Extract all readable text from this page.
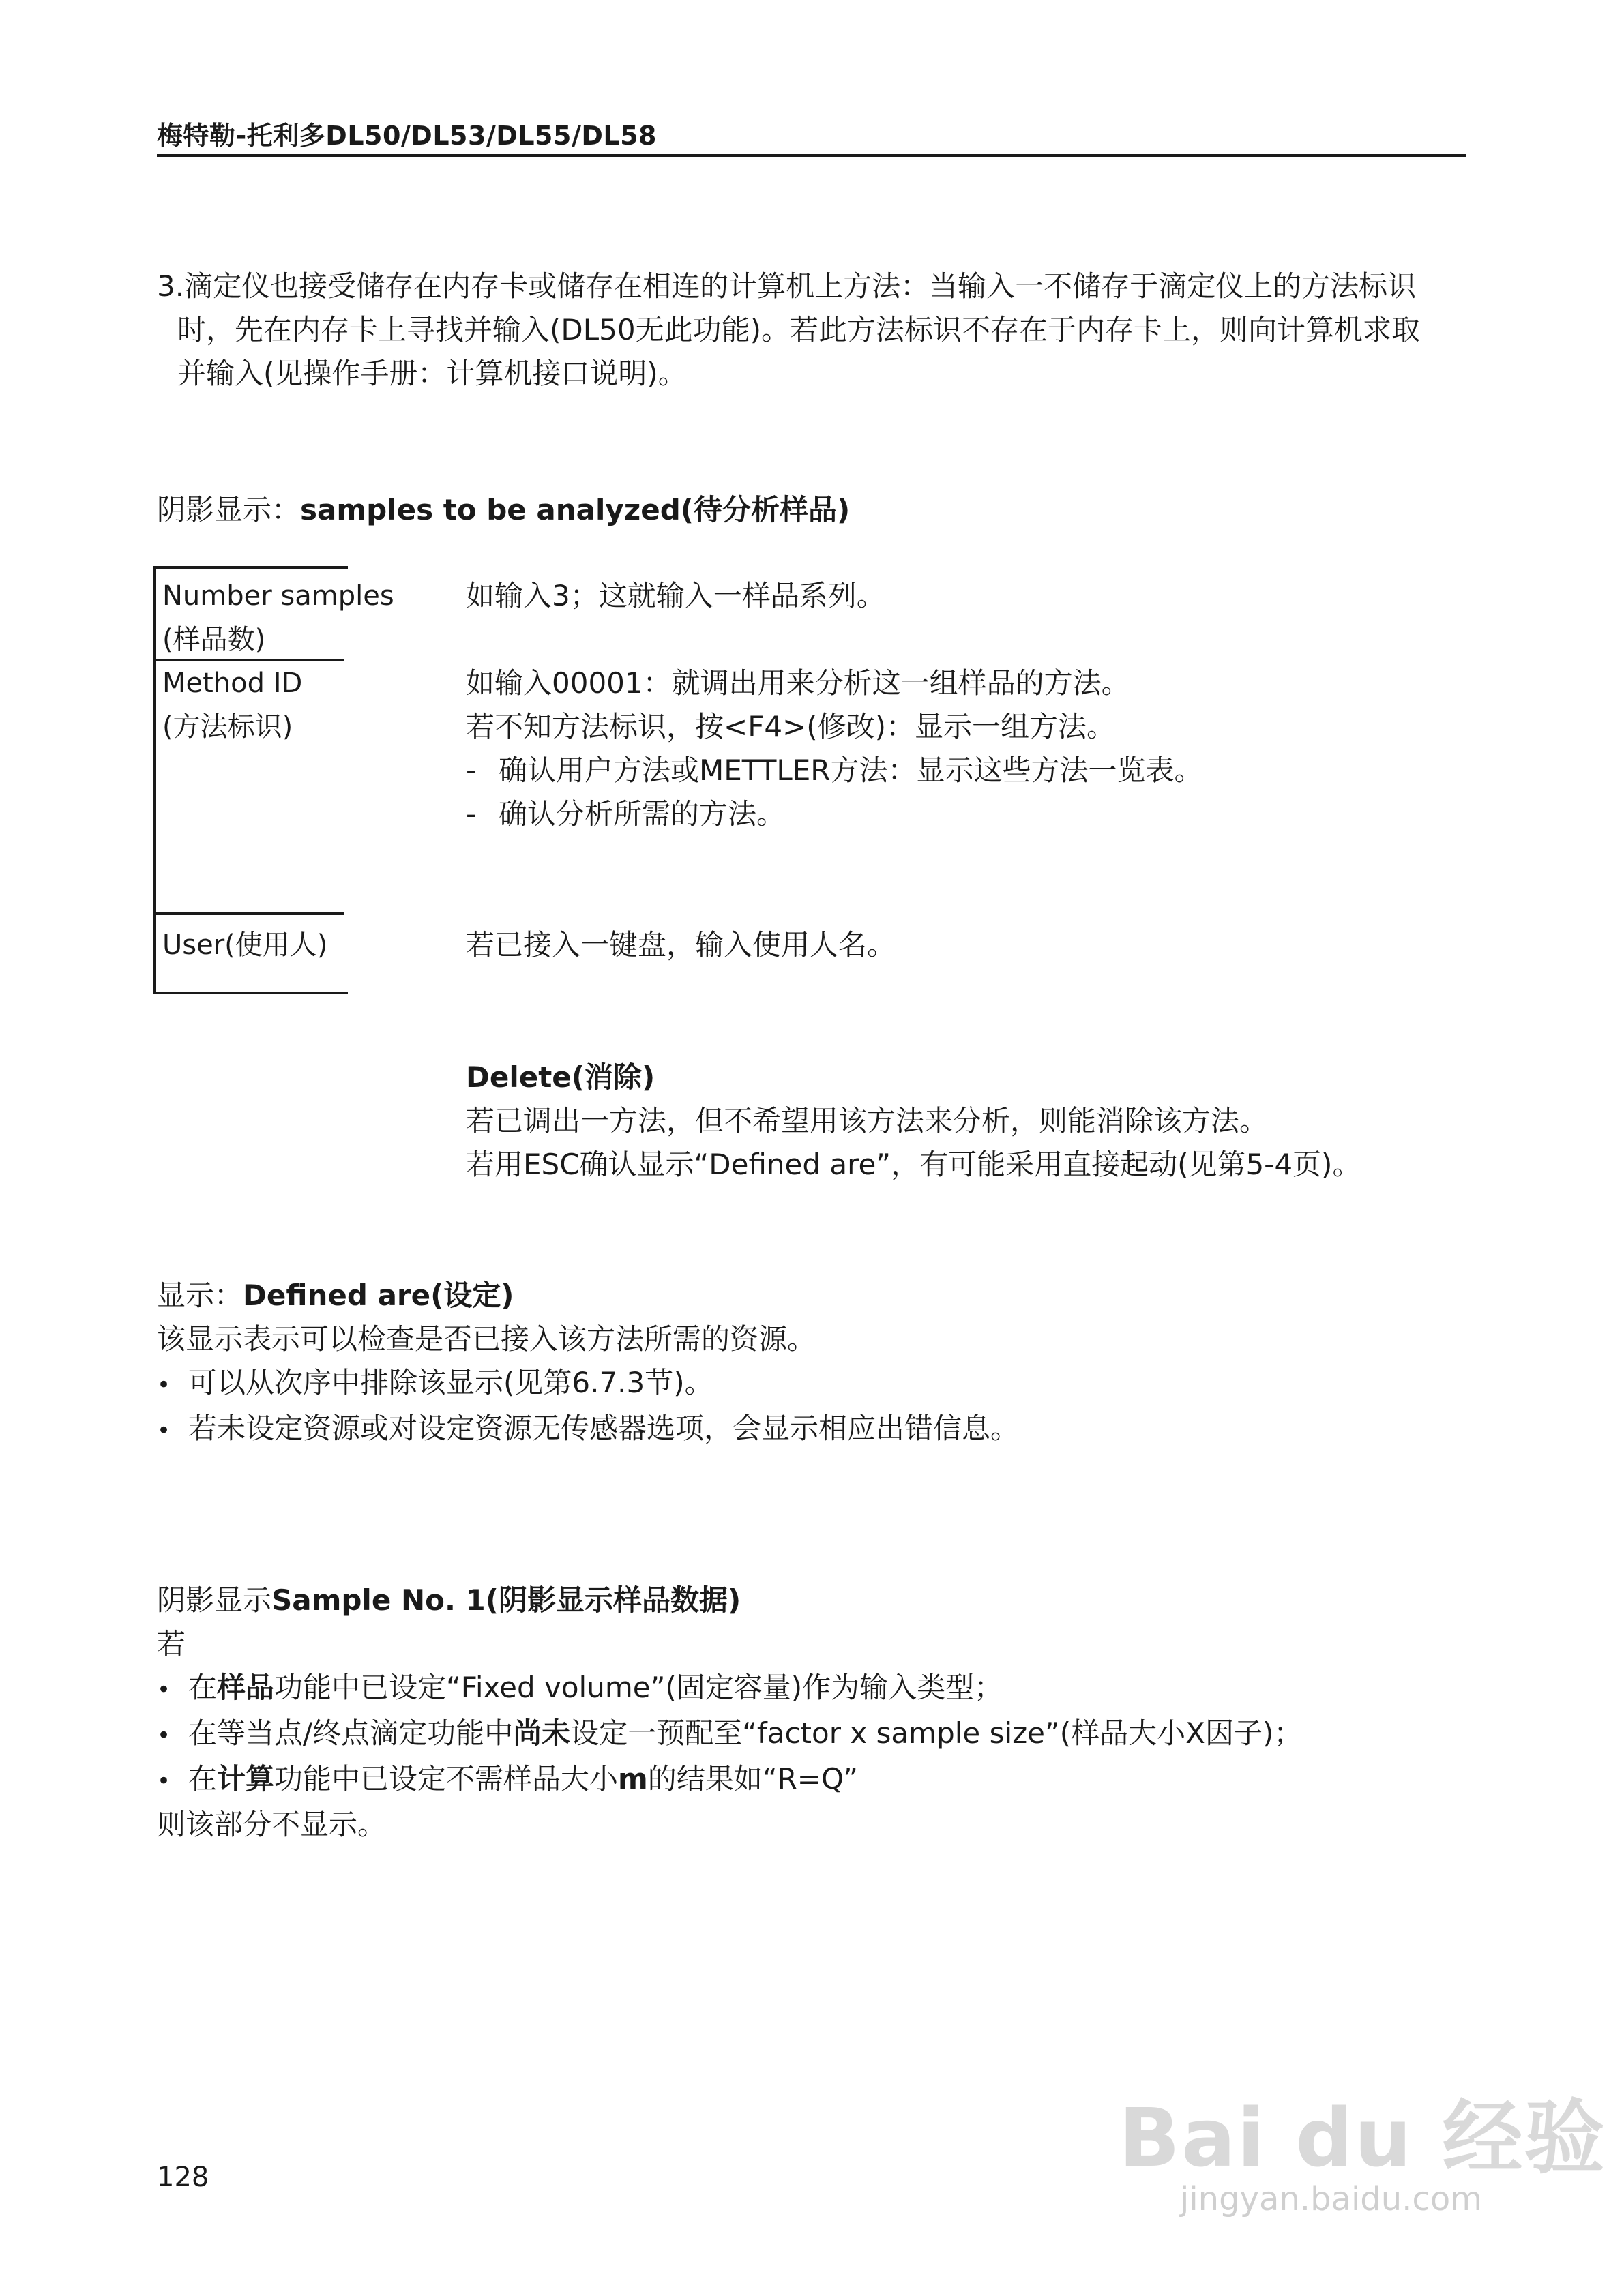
梅特勒-托利多DL50/DL53/DL55/DL58
3.滴定仪也接受储存在内存卡或储存在相连的计算机上方法：当输入一不储存于滴定仪上的方法标识
时，先在内存卡上寻找并输入(DL50无此功能)。若此方法标识不存在于内存卡上，则向计算机求取
并输入(见操作手册：计算机接口说明)。
阴影显示：samples to be analyzed(待分析样品)
Number samples
(样品数)
如输入3；这就输入一样品系列。
Method ID
(方法标识)
如输入00001：就调出用来分析这一组样品的方法。
若不知方法标识，按<F4>(修改)：显示一组方法。
- 确认用户方法或METTLER方法：显示这些方法一览表。
- 确认分析所需的方法。
User(使用人)	若已接入一键盘，输入使用人名。
Delete(消除)
若已调出一方法，但不希望用该方法来分析，则能消除该方法。
若用ESC确认显示“Defined are”，有可能采用直接起动(见第5-4页)。
显示：Defined are(设定)
该显示表示可以检查是否已接入该方法所需的资源。
• 可以从次序中排除该显示(见第6.7.3节)。
• 若未设定资源或对设定资源无传感器选项，会显示相应出错信息。
阴影显示Sample No. 1(阴影显示样品数据)
若
• 在样品功能中已设定“Fixed volume”(固定容量)作为输入类型；
• 在等当点/终点滴定功能中尚未设定一预配至“factor x sample size”(样品大小X因子)；
• 在计算功能中已设定不需样品大小m的结果如“R=Q”
则该部分不显示。
128	Bai du 经验
jingyan.baidu.com
